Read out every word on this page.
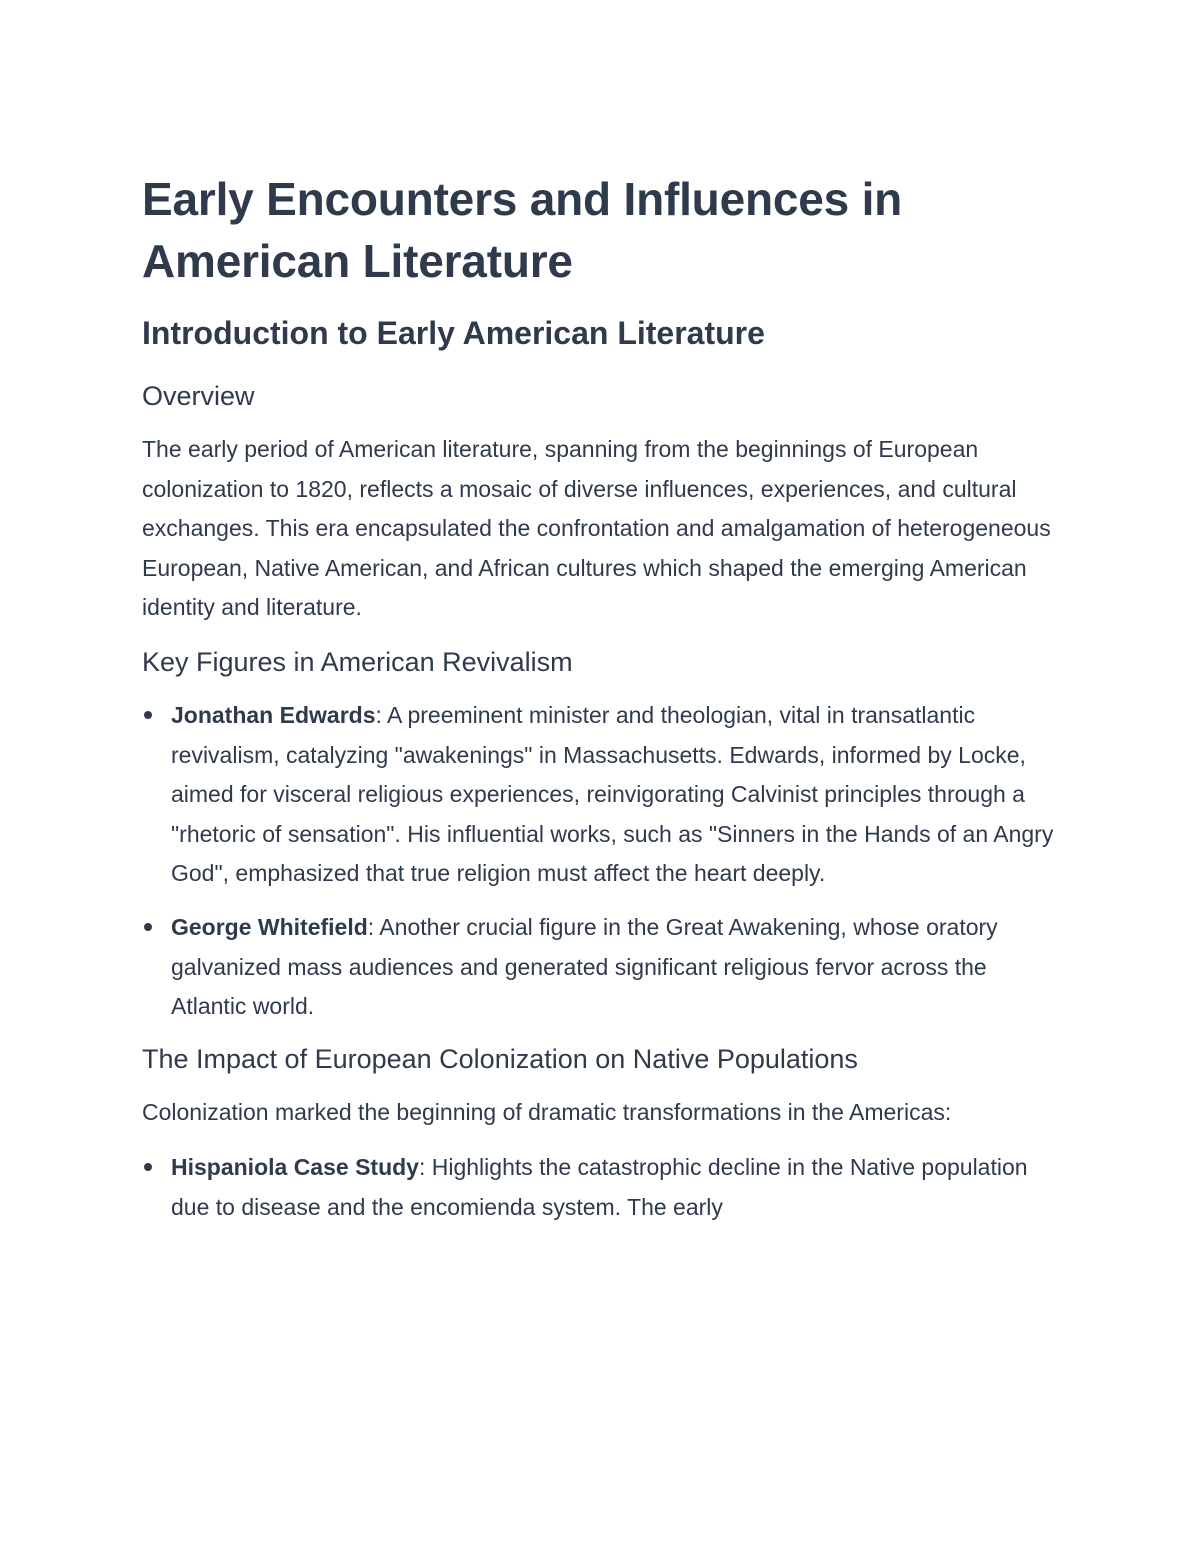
Early Encounters and Influences in American Literature
Introduction to Early American Literature
Overview

The early period of American literature, spanning from the beginnings of European colonization to 1820, reflects a mosaic of diverse influences, experiences, and cultural exchanges. This era encapsulated the confrontation and amalgamation of heterogeneous European, Native American, and African cultures which shaped the emerging American identity and literature.

Key Figures in American Revivalism
Jonathan Edwards: A preeminent minister and theologian, vital in transatlantic revivalism, catalyzing "awakenings" in Massachusetts. Edwards, informed by Locke, aimed for visceral religious experiences, reinvigorating Calvinist principles through a "rhetoric of sensation". His influential works, such as "Sinners in the Hands of an Angry God", emphasized that true religion must affect the heart deeply.
George Whitefield: Another crucial figure in the Great Awakening, whose oratory galvanized mass audiences and generated significant religious fervor across the Atlantic world.
The Impact of European Colonization on Native Populations

Colonization marked the beginning of dramatic transformations in the Americas:

Hispaniola Case Study: Highlights the catastrophic decline in the Native population due to disease and the encomienda system. The early
